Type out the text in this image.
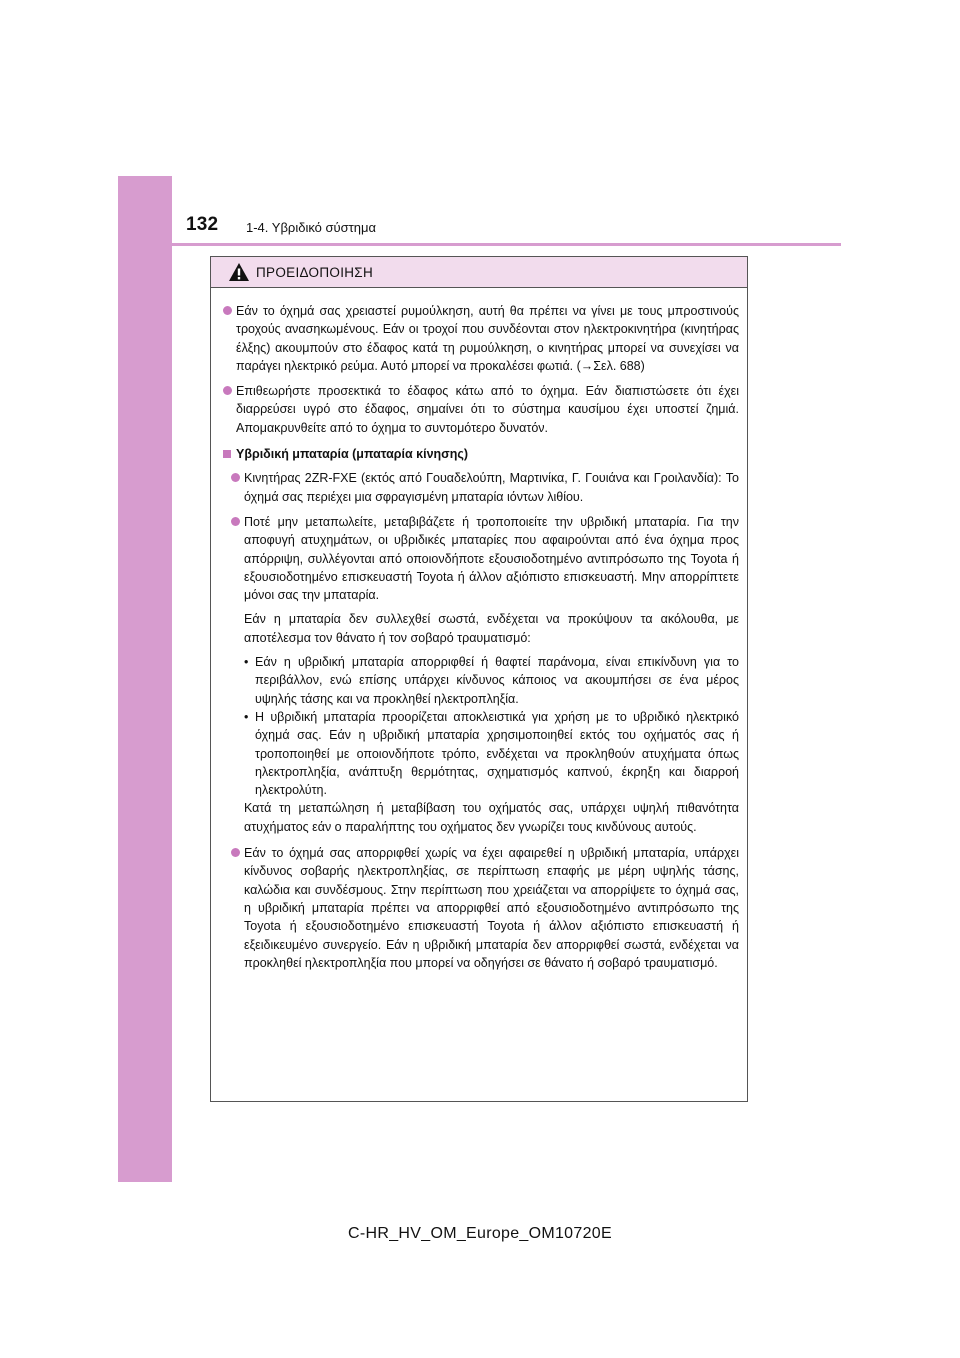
132 1-4. Υβριδικό σύστημα
ΠΡΟΕΙΔΟΠΟΙΗΣΗ
Εάν το όχημά σας χρειαστεί ρυμούλκηση, αυτή θα πρέπει να γίνει με τους μπροστινούς τροχούς ανασηκωμένους. Εάν οι τροχοί που συνδέονται στον ηλεκτροκινητήρα (κινητήρας έλξης) ακουμπούν στο έδαφος κατά τη ρυμούλκηση, ο κινητήρας μπορεί να συνεχίσει να παράγει ηλεκτρικό ρεύμα. Αυτό μπορεί να προκαλέσει φωτιά. (→Σελ. 688)
Επιθεωρήστε προσεκτικά το έδαφος κάτω από το όχημα. Εάν διαπιστώσετε ότι έχει διαρρεύσει υγρό στο έδαφος, σημαίνει ότι το σύστημα καυσίμου έχει υποστεί ζημιά. Απομακρυνθείτε από το όχημα το συντομότερο δυνατόν.
Υβριδική μπαταρία (μπαταρία κίνησης)
Κινητήρας 2ZR-FXE (εκτός από Γουαδελούπη, Μαρτινίκα, Γ. Γουιάνα και Γροιλανδία): Το όχημά σας περιέχει μια σφραγισμένη μπαταρία ιόντων λιθίου.
Ποτέ μην μεταπωλείτε, μεταβιβάζετε ή τροποποιείτε την υβριδική μπαταρία. Για την αποφυγή ατυχημάτων, οι υβριδικές μπαταρίες που αφαιρούνται από ένα όχημα προς απόρριψη, συλλέγονται από οποιονδήποτε εξουσιοδοτημένο αντιπρόσωπο της Toyota ή εξουσιοδοτημένο επισκευαστή Toyota ή άλλον αξιόπιστο επισκευαστή. Μην απορρίπτετε μόνοι σας την μπαταρία.
Εάν η μπαταρία δεν συλλεχθεί σωστά, ενδέχεται να προκύψουν τα ακόλουθα, με αποτέλεσμα τον θάνατο ή τον σοβαρό τραυματισμό:
• Εάν η υβριδική μπαταρία απορριφθεί ή θαφτεί παράνομα, είναι επικίνδυνη για το περιβάλλον, ενώ επίσης υπάρχει κίνδυνος κάποιος να ακουμπήσει σε ένα μέρος υψηλής τάσης και να προκληθεί ηλεκτροπληξία.
• Η υβριδική μπαταρία προορίζεται αποκλειστικά για χρήση με το υβριδικό ηλεκτρικό όχημά σας. Εάν η υβριδική μπαταρία χρησιμοποιηθεί εκτός του οχήματός σας ή τροποποιηθεί με οποιονδήποτε τρόπο, ενδέχεται να προκληθούν ατυχήματα όπως ηλεκτροπληξία, ανάπτυξη θερμότητας, σχηματισμός καπνού, έκρηξη και διαρροή ηλεκτρολύτη.
Κατά τη μεταπώληση ή μεταβίβαση του οχήματός σας, υπάρχει υψηλή πιθανότητα ατυχήματος εάν ο παραλήπτης του οχήματος δεν γνωρίζει τους κινδύνους αυτούς.
Εάν το όχημά σας απορριφθεί χωρίς να έχει αφαιρεθεί η υβριδική μπαταρία, υπάρχει κίνδυνος σοβαρής ηλεκτροπληξίας, σε περίπτωση επαφής με μέρη υψηλής τάσης, καλώδια και συνδέσμους. Στην περίπτωση που χρειάζεται να απορρίψετε το όχημά σας, η υβριδική μπαταρία πρέπει να απορριφθεί από εξουσιοδοτημένο αντιπρόσωπο της Toyota ή εξουσιοδοτημένο επισκευαστή Toyota ή άλλον αξιόπιστο επισκευαστή ή εξειδικευμένο συνεργείο. Εάν η υβριδική μπαταρία δεν απορριφθεί σωστά, ενδέχεται να προκληθεί ηλεκτροπληξία που μπορεί να οδηγήσει σε θάνατο ή σοβαρό τραυματισμό.
C-HR_HV_OM_Europe_OM10720E
